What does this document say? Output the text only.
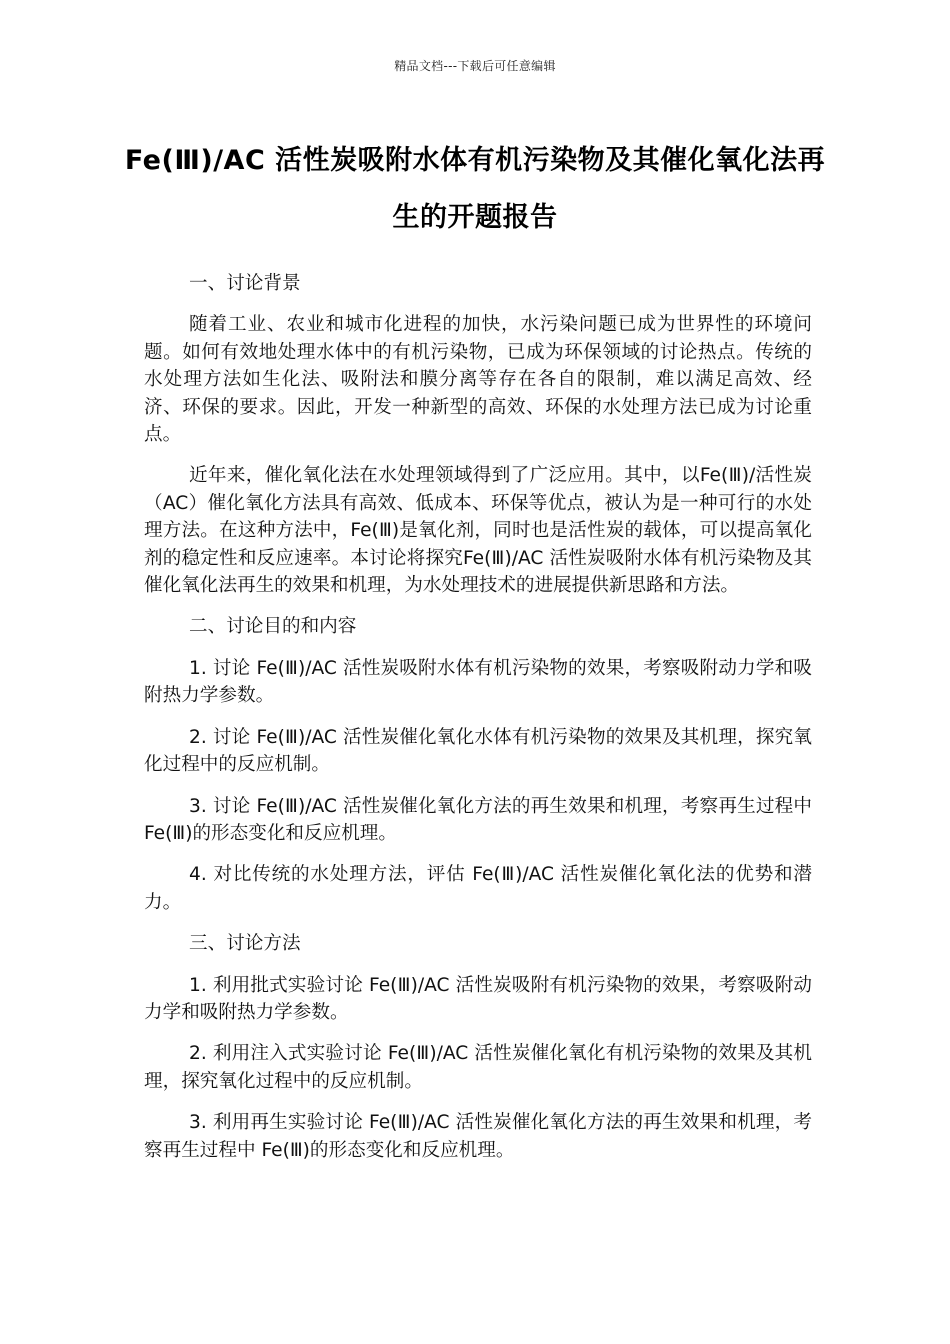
精品文档---下载后可任意编辑
Fe(Ⅲ)/AC 活性炭吸附水体有机污染物及其催化氧化法再生的开题报告
一、讨论背景

随着工业、农业和城市化进程的加快，水污染问题已成为世界性的环境问题。如何有效地处理水体中的有机污染物，已成为环保领域的讨论热点。传统的水处理方法如生化法、吸附法和膜分离等存在各自的限制，难以满足高效、经济、环保的要求。因此，开发一种新型的高效、环保的水处理方法已成为讨论重点。

近年来，催化氧化法在水处理领域得到了广泛应用。其中，以Fe(Ⅲ)/活性炭（AC）催化氧化方法具有高效、低成本、环保等优点，被认为是一种可行的水处理方法。在这种方法中，Fe(Ⅲ)是氧化剂，同时也是活性炭的载体，可以提高氧化剂的稳定性和反应速率。本讨论将探究Fe(Ⅲ)/AC 活性炭吸附水体有机污染物及其催化氧化法再生的效果和机理，为水处理技术的进展提供新思路和方法。

二、讨论目的和内容

1. 讨论 Fe(Ⅲ)/AC 活性炭吸附水体有机污染物的效果，考察吸附动力学和吸附热力学参数。

2. 讨论 Fe(Ⅲ)/AC 活性炭催化氧化水体有机污染物的效果及其机理，探究氧化过程中的反应机制。

3. 讨论 Fe(Ⅲ)/AC 活性炭催化氧化方法的再生效果和机理，考察再生过程中 Fe(Ⅲ)的形态变化和反应机理。

4. 对比传统的水处理方法，评估 Fe(Ⅲ)/AC 活性炭催化氧化法的优势和潜力。

三、讨论方法

1. 利用批式实验讨论 Fe(Ⅲ)/AC 活性炭吸附有机污染物的效果，考察吸附动力学和吸附热力学参数。

2. 利用注入式实验讨论 Fe(Ⅲ)/AC 活性炭催化氧化有机污染物的效果及其机理，探究氧化过程中的反应机制。

3. 利用再生实验讨论 Fe(Ⅲ)/AC 活性炭催化氧化方法的再生效果和机理，考察再生过程中 Fe(Ⅲ)的形态变化和反应机理。
